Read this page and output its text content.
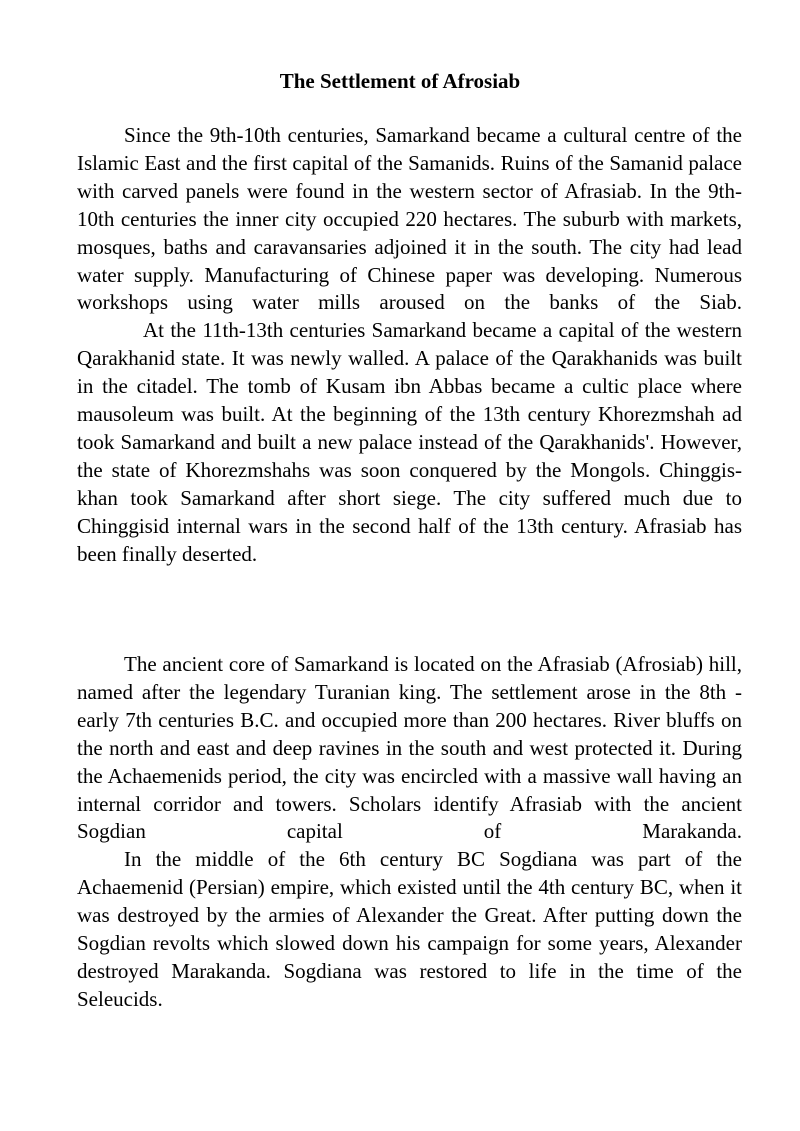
The Settlement of Afrosiab

Since the 9th-10th centuries, Samarkand became a cultural centre of the Islamic East and the first capital of the Samanids. Ruins of the Samanid palace with carved panels were found in the western sector of Afrasiab. In the 9th-10th centuries the inner city occupied 220 hectares. The suburb with markets, mosques, baths and caravansaries adjoined it in the south. The city had lead water supply. Manufacturing of Chinese paper was developing. Numerous workshops using water mills aroused on the banks of the Siab.

At the 11th-13th centuries Samarkand became a capital of the western Qarakhanid state. It was newly walled. A palace of the Qarakhanids was built in the citadel. The tomb of Kusam ibn Abbas became a cultic place where mausoleum was built. At the beginning of the 13th century Khorezmshah ad took Samarkand and built a new palace instead of the Qarakhanids'. However, the state of Khorezmshahs was soon conquered by the Mongols. Chinggis-khan took Samarkand after short siege. The city suffered much due to Chinggisid internal wars in the second half of the 13th century. Afrasiab has been finally deserted.

The ancient core of Samarkand is located on the Afrasiab (Afrosiab) hill, named after the legendary Turanian king. The settlement arose in the 8th - early 7th centuries B.C. and occupied more than 200 hectares. River bluffs on the north and east and deep ravines in the south and west protected it. During the Achaemenids period, the city was encircled with a massive wall having an internal corridor and towers. Scholars identify Afrasiab with the ancient Sogdian capital of Marakanda.

In the middle of the 6th century BC Sogdiana was part of the Achaemenid (Persian) empire, which existed until the 4th century BC, when it was destroyed by the armies of Alexander the Great. After putting down the Sogdian revolts which slowed down his campaign for some years, Alexander destroyed Marakanda. Sogdiana was restored to life in the time of the Seleucids.
